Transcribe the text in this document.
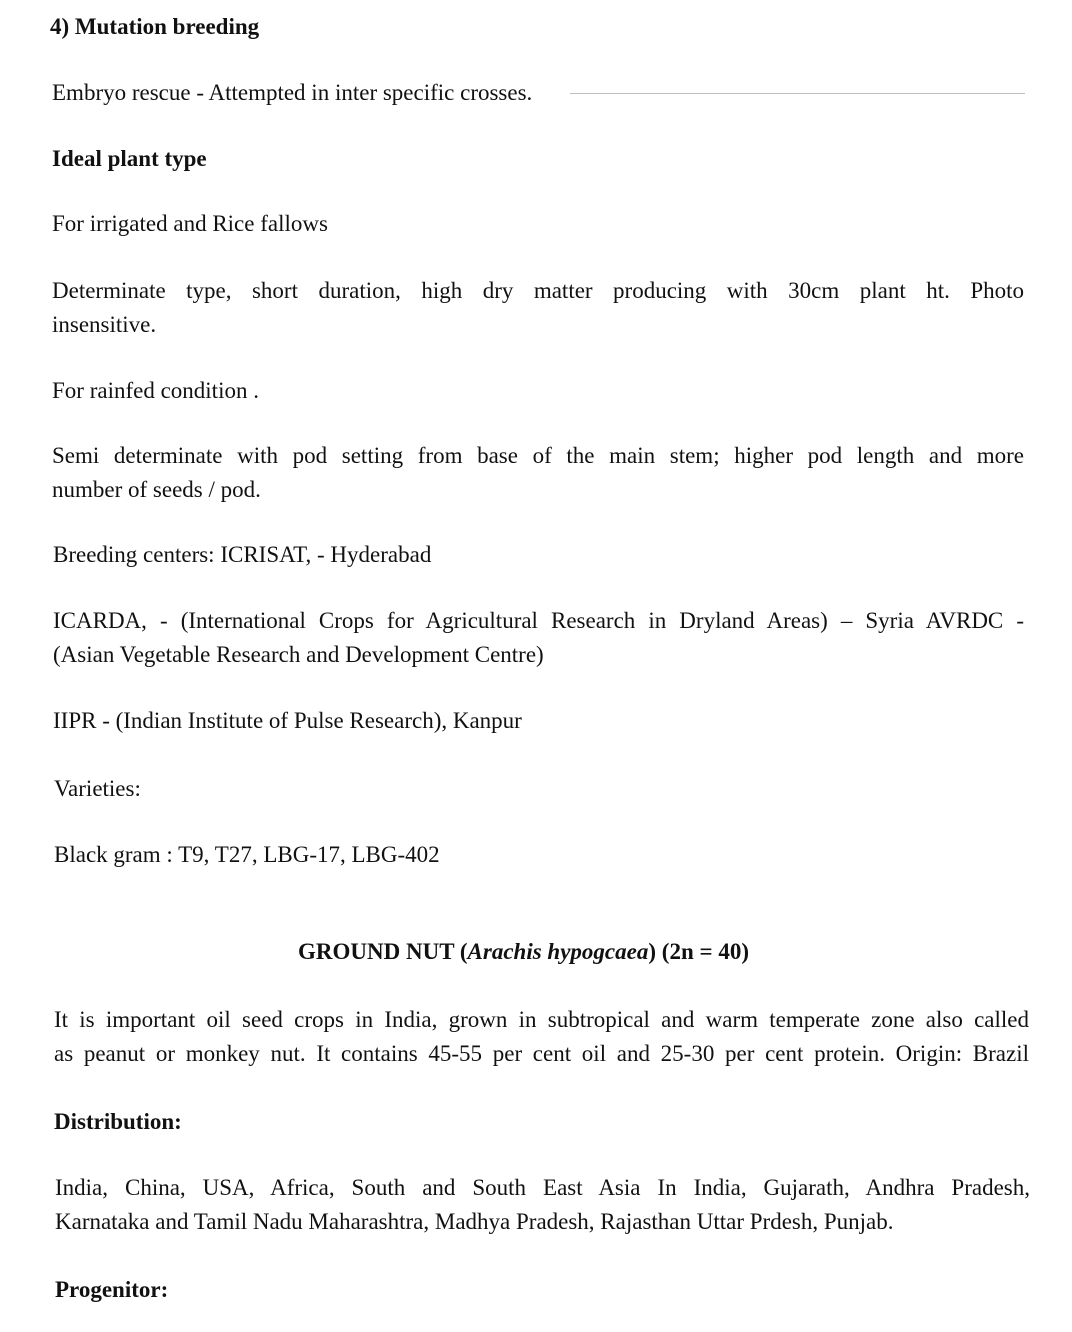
4) Mutation breeding
Embryo rescue - Attempted in inter specific crosses.
Ideal plant type
For irrigated and Rice fallows
Determinate type, short duration, high dry matter producing with 30cm plant ht. Photo
insensitive.
For rainfed condition .
Semi determinate with pod setting from base of the main stem; higher pod length and more
number of seeds / pod.
Breeding centers: ICRISAT, - Hyderabad
ICARDA, - (International Crops for Agricultural Research in Dryland Areas) – Syria AVRDC -
(Asian Vegetable Research and Development Centre)
IIPR - (Indian Institute of Pulse Research), Kanpur
Varieties:
Black gram : T9, T27, LBG-17, LBG-402
GROUND NUT (Arachis hypogcaea) (2n = 40)
It is important oil seed crops in India, grown in subtropical and warm temperate zone also called
as peanut or monkey nut. It contains 45-55 per cent oil and 25-30 per cent protein. Origin: Brazil
Distribution:
India, China, USA, Africa, South and South East Asia In India, Gujarath, Andhra Pradesh,
Karnataka and Tamil Nadu Maharashtra, Madhya Pradesh, Rajasthan Uttar Prdesh, Punjab.
Progenitor:
